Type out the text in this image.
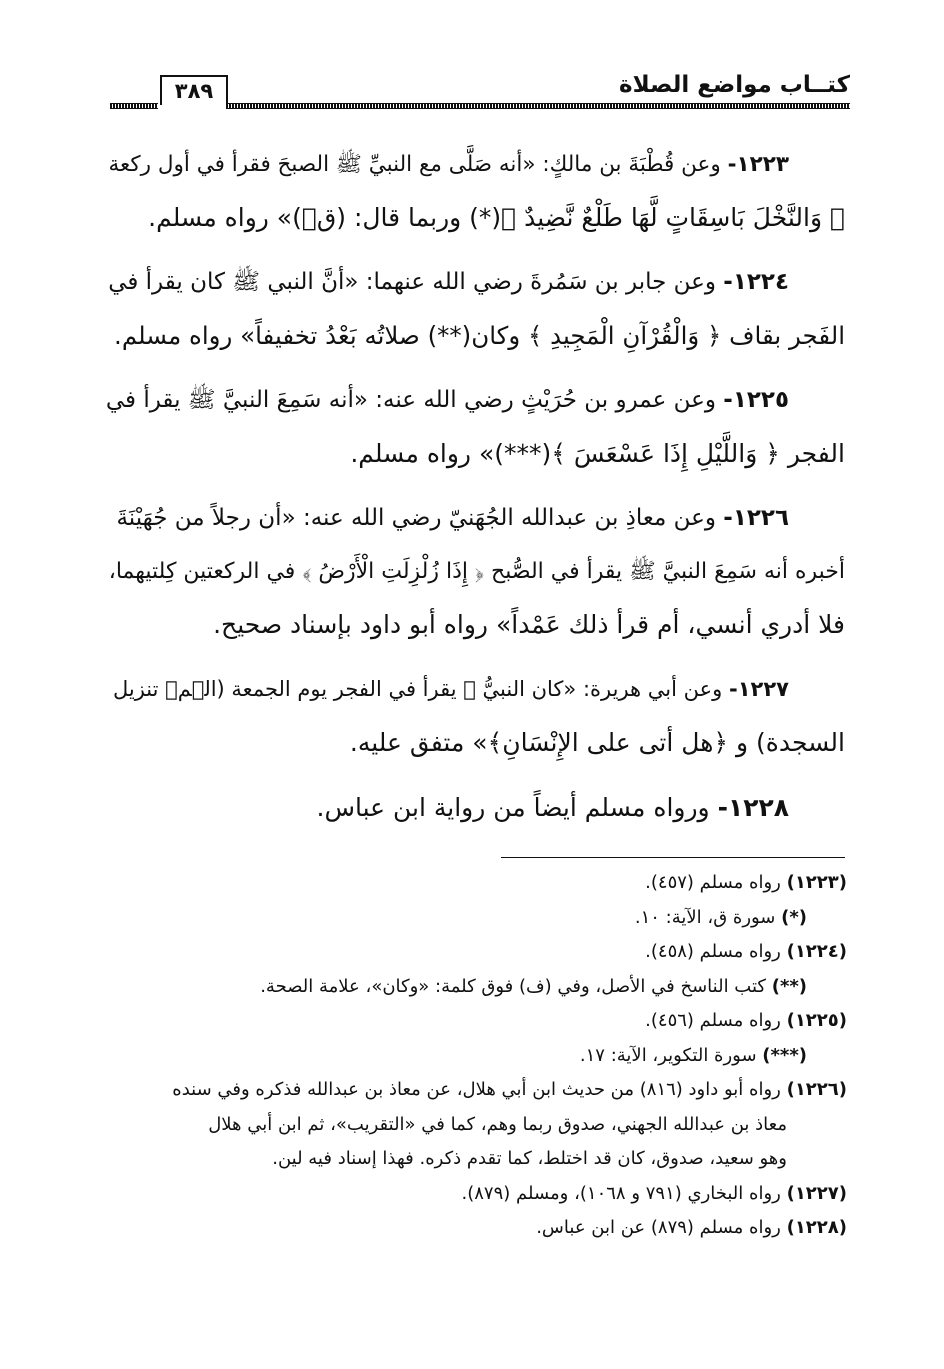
كتــاب مواضع الصلاة
٣٨٩
١٢٢٣- وعن قُطْبَةَ بن مالكٍ: «أنه صَلَّى مع النبيِّ ﷺ الصبحَ فقرأ في أول ركعة
﴿ وَالنَّخْلَ بَاسِقَاتٍ لَّهَا طَلْعٌ نَّضِيدٌ ﴾(*) وربما قال: (قۤ)» رواه مسلم.
١٢٢٤- وعن جابر بن سَمُرةَ رضي الله عنهما: «أنَّ النبي ﷺ كان يقرأ في
الفَجر بقاف ﴿ وَالْقُرْآنِ الْمَجِيدِ ﴾ وكان(**) صلاتُه بَعْدُ تخفيفاً» رواه مسلم.
١٢٢٥- وعن عمرو بن حُرَيْثٍ رضي الله عنه: «أنه سَمِعَ النبيَّ ﷺ يقرأ في
الفجر ﴿ وَاللَّيْلِ إِذَا عَسْعَسَ ﴾(***)» رواه مسلم.
١٢٢٦- وعن معاذِ بن عبدالله الجُهَنيّ رضي الله عنه: «أن رجلاً من جُهَيْنَةَ
أخبره أنه سَمِعَ النبيَّ ﷺ يقرأ في الصُّبح ﴿ إِذَا زُلْزِلَتِ الْأَرْضُ ﴾ في الركعتين كِلتيهما،
فلا أدري أنسي، أم قرأ ذلك عَمْداً» رواه أبو داود بإسناد صحيح.
١٢٢٧- وعن أبي هريرة: «كان النبيُّ ﷺ يقرأ في الفجر يوم الجمعة (الۤمۤ تنزيل
السجدة) و ﴿هل أتى على الإِنْسَانِ﴾» متفق عليه.
١٢٢٨- ورواه مسلم أيضاً من رواية ابن عباس.
(١٢٢٣) رواه مسلم (٤٥٧).
(*) سورة ق، الآية: ١٠.
(١٢٢٤) رواه مسلم (٤٥٨).
(**) كتب الناسخ في الأصل، وفي (ف) فوق كلمة: «وكان»، علامة الصحة.
(١٢٢٥) رواه مسلم (٤٥٦).
(***) سورة التكوير، الآية: ١٧.
(١٢٢٦) رواه أبو داود (٨١٦) من حديث ابن أبي هلال، عن معاذ بن عبدالله فذكره وفي سنده
معاذ بن عبدالله الجهني، صدوق ربما وهم، كما في «التقريب»، ثم ابن أبي هلال
وهو سعيد، صدوق، كان قد اختلط، كما تقدم ذكره. فهذا إسناد فيه لين.
(١٢٢٧) رواه البخاري (٧٩١ و ١٠٦٨)، ومسلم (٨٧٩).
(١٢٢٨) رواه مسلم (٨٧٩) عن ابن عباس.
